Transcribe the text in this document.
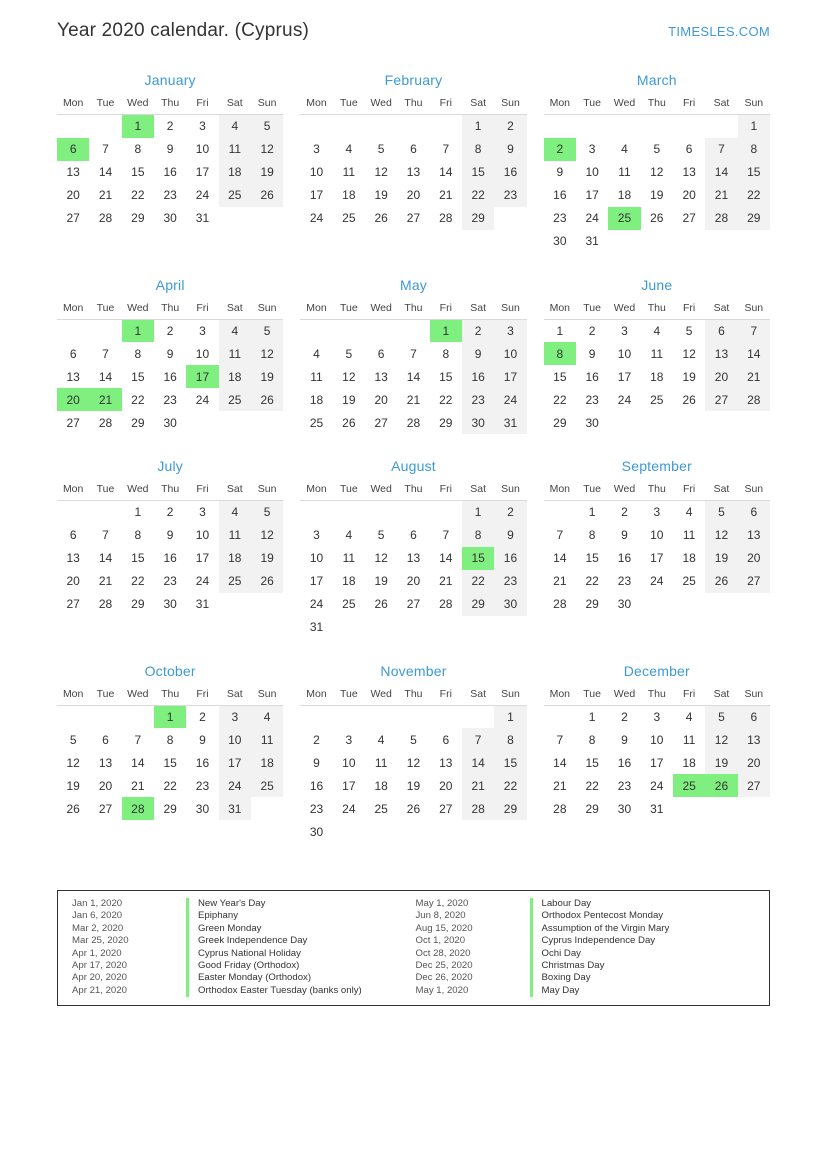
Year 2020 calendar. (Cyprus)	TIMESLES.COM
January
Mon	Tue	Wed	Thu	Fri	Sat	Sun
		1	2	3	4	5
6	7	8	9	10	11	12
13	14	15	16	17	18	19
20	21	22	23	24	25	26
27	28	29	30	31		
February
Mon	Tue	Wed	Thu	Fri	Sat	Sun
					1	2
3	4	5	6	7	8	9
10	11	12	13	14	15	16
17	18	19	20	21	22	23
24	25	26	27	28	29	
March
Mon	Tue	Wed	Thu	Fri	Sat	Sun
						1
2	3	4	5	6	7	8
9	10	11	12	13	14	15
16	17	18	19	20	21	22
23	24	25	26	27	28	29
30	31					
April
Mon	Tue	Wed	Thu	Fri	Sat	Sun
		1	2	3	4	5
6	7	8	9	10	11	12
13	14	15	16	17	18	19
20	21	22	23	24	25	26
27	28	29	30			
May
Mon	Tue	Wed	Thu	Fri	Sat	Sun
				1	2	3
4	5	6	7	8	9	10
11	12	13	14	15	16	17
18	19	20	21	22	23	24
25	26	27	28	29	30	31
June
Mon	Tue	Wed	Thu	Fri	Sat	Sun
1	2	3	4	5	6	7
8	9	10	11	12	13	14
15	16	17	18	19	20	21
22	23	24	25	26	27	28
29	30					
July
Mon	Tue	Wed	Thu	Fri	Sat	Sun
		1	2	3	4	5
6	7	8	9	10	11	12
13	14	15	16	17	18	19
20	21	22	23	24	25	26
27	28	29	30	31		
August
Mon	Tue	Wed	Thu	Fri	Sat	Sun
					1	2
3	4	5	6	7	8	9
10	11	12	13	14	15	16
17	18	19	20	21	22	23
24	25	26	27	28	29	30
31						
September
Mon	Tue	Wed	Thu	Fri	Sat	Sun
	1	2	3	4	5	6
7	8	9	10	11	12	13
14	15	16	17	18	19	20
21	22	23	24	25	26	27
28	29	30				
October
Mon	Tue	Wed	Thu	Fri	Sat	Sun
			1	2	3	4
5	6	7	8	9	10	11
12	13	14	15	16	17	18
19	20	21	22	23	24	25
26	27	28	29	30	31	
November
Mon	Tue	Wed	Thu	Fri	Sat	Sun
						1
2	3	4	5	6	7	8
9	10	11	12	13	14	15
16	17	18	19	20	21	22
23	24	25	26	27	28	29
30						
December
Mon	Tue	Wed	Thu	Fri	Sat	Sun
	1	2	3	4	5	6
7	8	9	10	11	12	13
14	15	16	17	18	19	20
21	22	23	24	25	26	27
28	29	30	31			
Jan 1, 2020	New Year's Day
Jan 6, 2020	Epiphany
Mar 2, 2020	Green Monday
Mar 25, 2020	Greek Independence Day
Apr 1, 2020	Cyprus National Holiday
Apr 17, 2020	Good Friday (Orthodox)
Apr 20, 2020	Easter Monday (Orthodox)
Apr 21, 2020	Orthodox Easter Tuesday (banks only)
May 1, 2020	Labour Day
Jun 8, 2020	Orthodox Pentecost Monday
Aug 15, 2020	Assumption of the Virgin Mary
Oct 1, 2020	Cyprus Independence Day
Oct 28, 2020	Ochi Day
Dec 25, 2020	Christmas Day
Dec 26, 2020	Boxing Day
May 1, 2020	May Day
